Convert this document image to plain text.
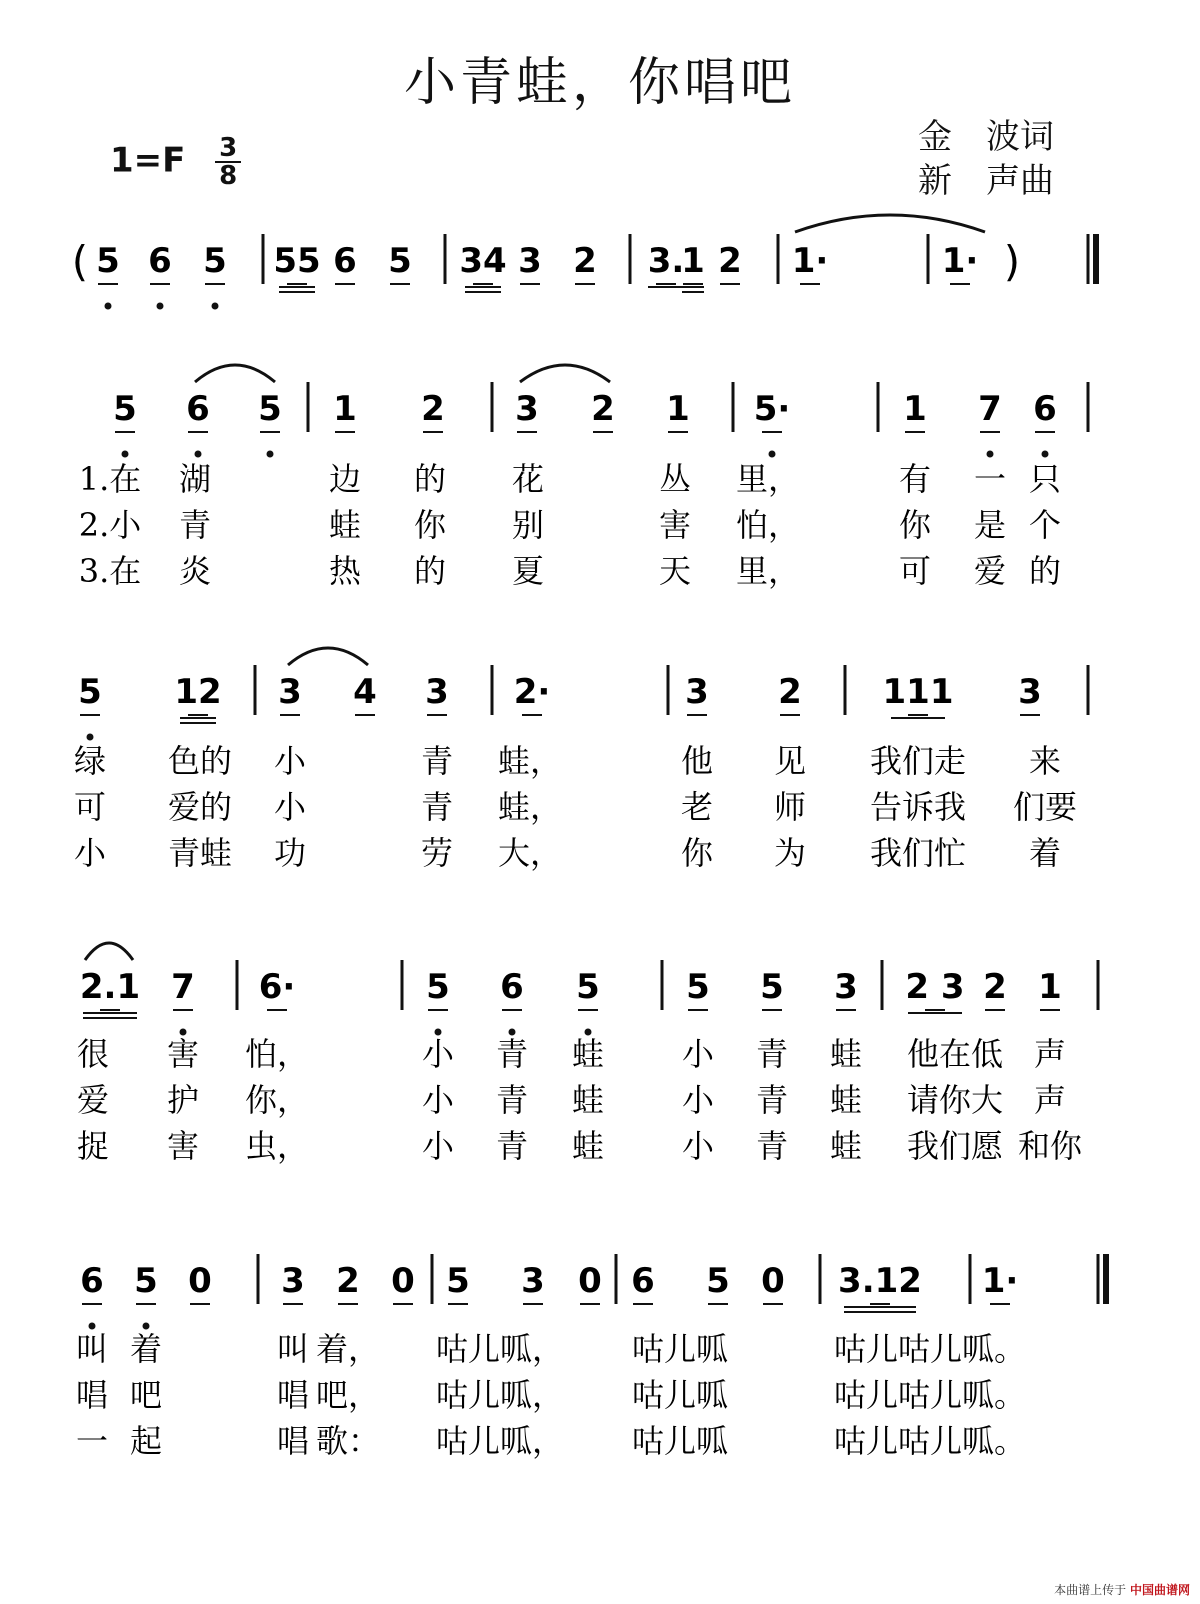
小青蛙，你唱吧
$1=F \frac{3}{8}$	金　波词
新　声曲
5 6 5 55 6 5 34 3 2 3.
1 2 1·	1·
(	)
5 6 5 1 2 3 2 1 5·	1 7 6
1.在 湖	边 的 花	丛 里，	有 一 只
2.小 青	蛙 你 别	害 怕，	你 是 个
3.在 炎	热 的 夏	天 里，	可 爱 的
5 12 3 4 3 2·	3 2 111 3
绿 色的 小	青 蛙，	他 见 我们走 来
可 爱的 小	青 蛙，	老 师 告诉我 们要
小 青蛙 功	劳 大，	你 为 我们忙 着
2.1 7 6·	5 6 5	5 5 3 2 3 2 1
很 害 怕，	小 青 蛙 小 青 蛙 他在低 声
爱 护 你，	小 青 蛙 小 青 蛙 请你大 声
捉 害 虫，	小 青 蛙 小 青 蛙 我们愿 和你
6 5 0 3 2 0 5 3 0 6 5 0 3.12 1·
叫 着	叫 着， 咕儿呱， 咕儿呱	咕儿咕儿呱。
唱 吧	唱 吧， 咕儿呱， 咕儿呱	咕儿咕儿呱。
一 起	唱 歌： 咕儿呱， 咕儿呱	咕儿咕儿呱。
本曲谱上传于 中国曲谱网
